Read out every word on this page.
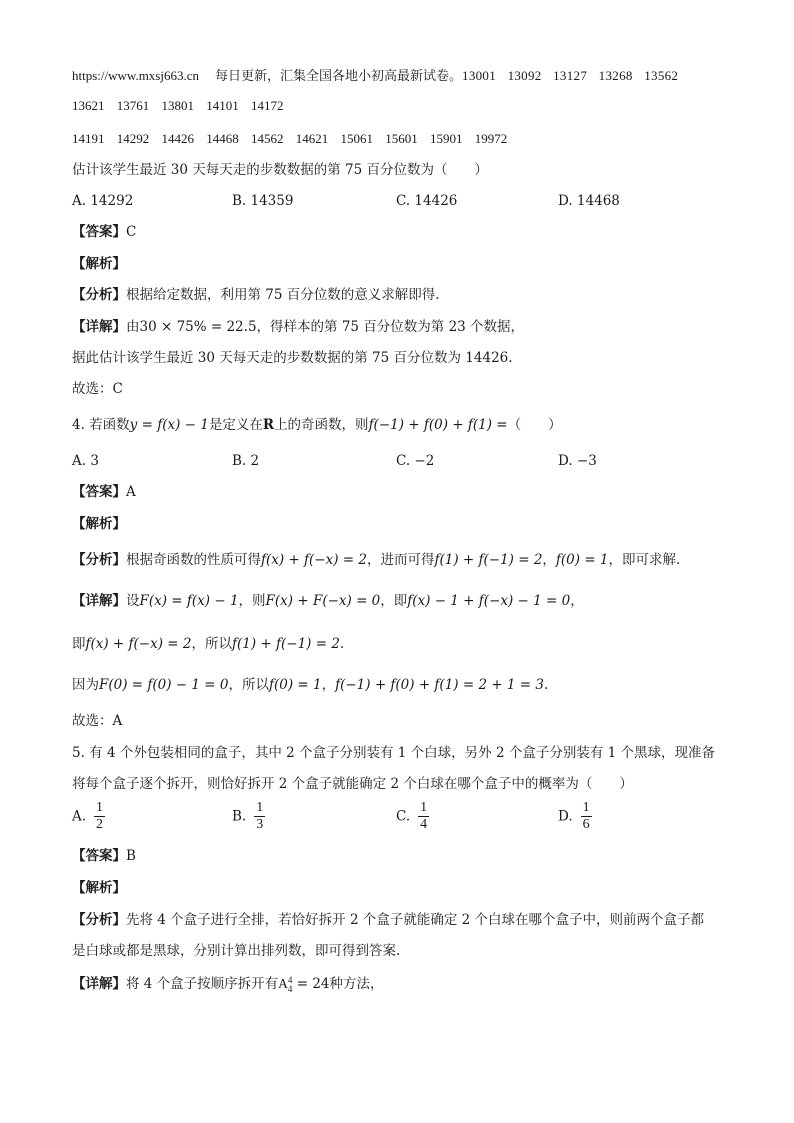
https://www.mxsj663.cn 每日更新，汇集全国各地小初高最新试卷。13001 13092 13127 13268 13562
13621 13761 13801 14101 14172
14191 14292 14426 14468 14562 14621 15061 15601 15901 19972
估计该学生最近 30 天每天走的步数数据的第 75 百分位数为（　　）
A. 14292	B. 14359	C. 14426	D. 14468
【答案】C
【解析】
【分析】根据给定数据，利用第 75 百分位数的意义求解即得.
【详解】由30 × 75% = 22.5，得样本的第 75 百分位数为第 23 个数据，
据此估计该学生最近 30 天每天走的步数数据的第 75 百分位数为 14426.
故选：C
4. 若函数y = f(x) − 1是定义在R上的奇函数，则f(−1) + f(0) + f(1) =（　　）
A. 3	B. 2	C. −2	D. −3
【答案】A
【解析】
【分析】根据奇函数的性质可得f(x) + f(−x) = 2，进而可得f(1) + f(−1) = 2，f(0) = 1，即可求解.
【详解】设F(x) = f(x) − 1，则F(x) + F(−x) = 0，即f(x) − 1 + f(−x) − 1 = 0，
即f(x) + f(−x) = 2，所以f(1) + f(−1) = 2.
因为F(0) = f(0) − 1 = 0，所以f(0) = 1，f(−1) + f(0) + f(1) = 2 + 1 = 3.
故选：A
5. 有 4 个外包装相同的盒子，其中 2 个盒子分别装有 1 个白球，另外 2 个盒子分别装有 1 个黑球，现准备
将每个盒子逐个拆开，则恰好拆开 2 个盒子就能确定 2 个白球在哪个盒子中的概率为（　　）
A. $\frac{1}{2}$	B. $\frac{1}{3}$	C. $\frac{1}{4}$	D. $\frac{1}{6}$
【答案】B
【解析】
【分析】先将 4 个盒子进行全排，若恰好拆开 2 个盒子就能确定 2 个白球在哪个盒子中，则前两个盒子都
是白球或都是黑球，分别计算出排列数，即可得到答案.
【详解】将 4 个盒子按顺序拆开有A 4
4 = 24种方法，
